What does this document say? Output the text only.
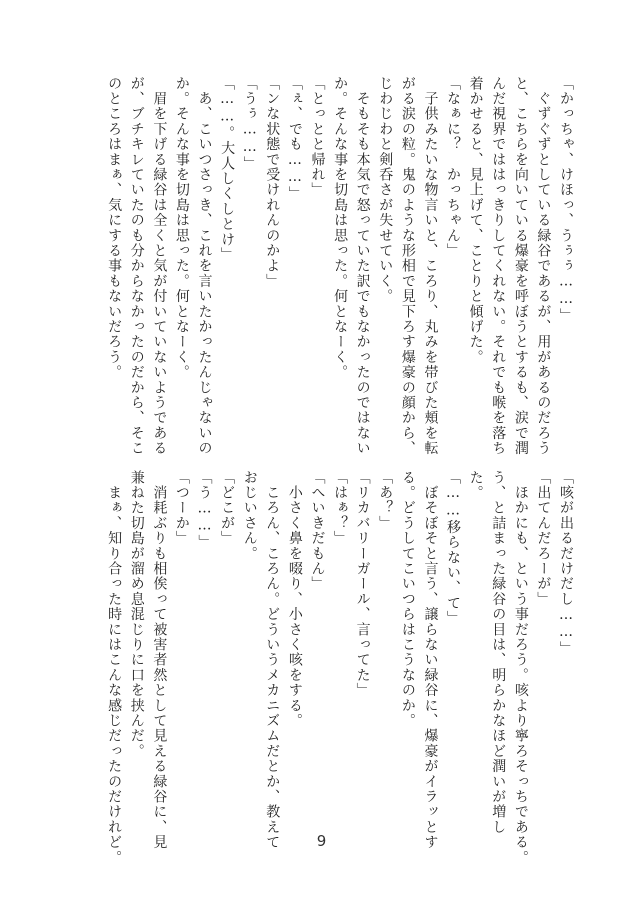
「かっちゃ、けほっ、うぅぅ……」
　ぐずぐずとしている緑谷であるが、用があるのだろう
と、こちらを向いている爆豪を呼ぼうとするも、涙で潤
んだ視界でははっきりしてくれない。それでも喉を落ち
着かせると、見上げて、ことりと傾げた。
「なぁに？　かっちゃん」
　子供みたいな物言いと、ころり、丸みを帯びた頬を転
がる涙の粒。鬼のような形相で見下ろす爆豪の顔から、
じわじわと剣呑さが失せていく。
　そもそも本気で怒っていた訳でもなかったのではない
か。そんな事を切島は思った。何となーく。
「とっとと帰れ」
「ぇ、でも……」
「ンな状態で受けれんのかよ」
「うぅ……」
「……。大人しくしとけ」
　あ、こいつさっき、これを言いたかったんじゃないの
か。そんな事を切島は思った。何となーく。
　眉を下げる緑谷は全くと気が付いていないようである
が、ブチキレていたのも分からなかったのだから、そこ
のところはまぁ、気にする事もないだろう。
「咳が出るだけだし……」
「出てんだろーが」
　ほかにも、という事だろう。咳より寧ろそっちである。
う、と詰まった緑谷の目は、明らかなほど潤いが増し
た。
「……移らない、て」
　ぼそぼそと言う、譲らない緑谷に、爆豪がイラッとす
る。どうしてこいつらはこうなのか。
「あ？」
「リカバリーガール、言ってた」
「はぁ？」
「へいきだもん」
　小さく鼻を啜り、小さく咳をする。
　ころん、ころん。どういうメカニズムだとか、教えて
おじいさん。
「どこが」
「う……」
「つーか」
　消耗ぶりも相俟って被害者然として見える緑谷に、見
兼ねた切島が溜め息混じりに口を挟んだ。
　まぁ、知り合った時にはこんな感じだったのだけれど。	9
